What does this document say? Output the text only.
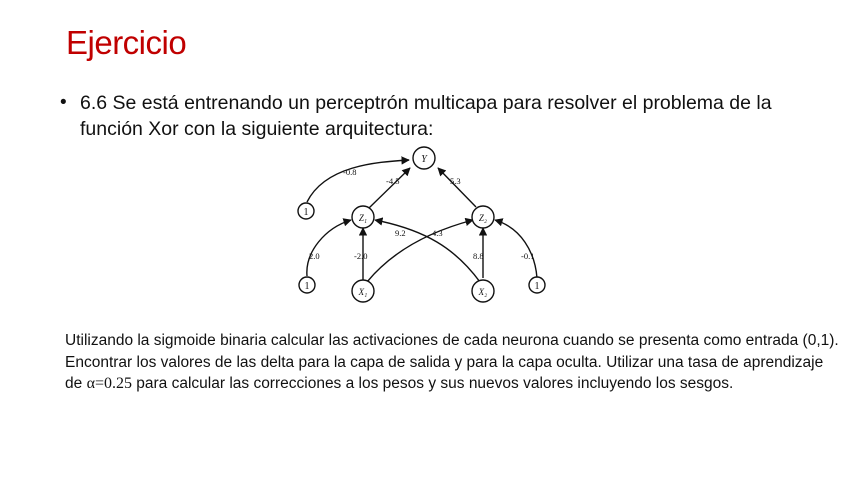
Ejercicio
• 6.6 Se está entrenando un perceptrón multicapa para resolver el problema de la
función Xor con la siguiente arquitectura:
Y
Z₁	Z₂
X₁	X₂
1
1	1
-0.8
-4.5	5.3
2.0	-2.0
9.2	4.3
8.8	-0.1
Utilizando la sigmoide binaria calcular las activaciones de cada neurona cuando se presenta como entrada (0,1). Encontrar los valores de las delta para la capa de salida y para la capa oculta. Utilizar una tasa de aprendizaje de α=0.25 para calcular las correcciones a los pesos y sus nuevos valores incluyendo los sesgos.
